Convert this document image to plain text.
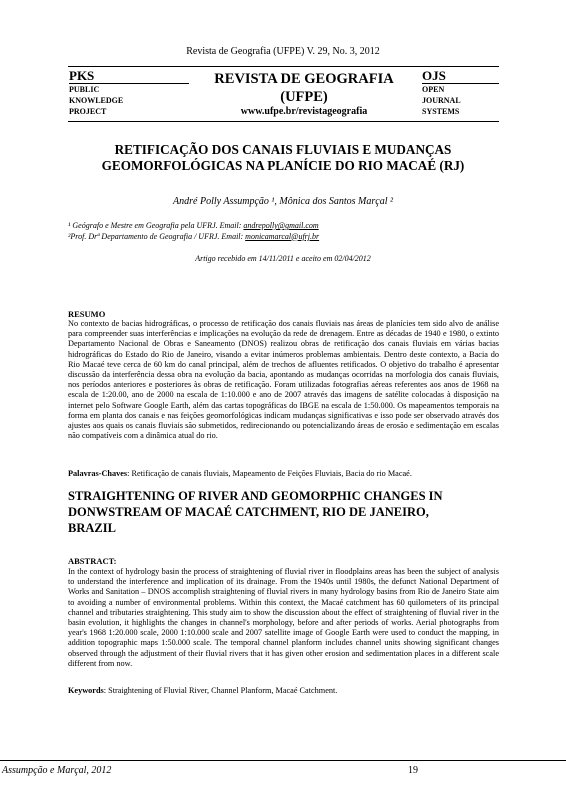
Revista de Geografia (UFPE) V. 29, No. 3, 2012
PKS
PUBLIC
KNOWLEDGE
PROJECT
REVISTA DE GEOGRAFIA
(UFPE)
www.ufpe.br/revistageografia
OJS
OPEN
JOURNAL
SYSTEMS
RETIFICAÇÃO DOS CANAIS FLUVIAIS E MUDANÇAS
GEOMORFOLÓGICAS NA PLANÍCIE DO RIO MACAÉ (RJ)
André Polly Assumpção ¹, Mônica dos Santos Marçal ²
¹ Geógrafo e Mestre em Geografia pela UFRJ. Email: andrepolly@gmail.com
²Prof. Drª Departamento de Geografia / UFRJ. Email: monicamarcal@ufrj.br
Artigo recebido em 14/11/2011 e aceito em 02/04/2012
RESUMO
No contexto de bacias hidrográficas, o processo de retificação dos canais fluviais nas áreas de planícies tem sido alvo de análise para compreender suas interferências e implicações na evolução da rede de drenagem. Entre as décadas de 1940 e 1980, o extinto Departamento Nacional de Obras e Saneamento (DNOS) realizou obras de retificação dos canais fluviais em várias bacias hidrográficas do Estado do Rio de Janeiro, visando a evitar inúmeros problemas ambientais. Dentro deste contexto, a Bacia do Rio Macaé teve cerca de 60 km do canal principal, além de trechos de afluentes retificados. O objetivo do trabalho é apresentar discussão da interferência dessa obra na evolução da bacia, apontando as mudanças ocorridas na morfologia dos canais fluviais, nos períodos anteriores e posteriores às obras de retificação. Foram utilizadas fotografias aéreas referentes aos anos de 1968 na escala de 1:20.00, ano de 2000 na escala de 1:10.000 e ano de 2007 através das imagens de satélite colocadas à disposição na internet pelo Software Google Earth, além das cartas topográficas do IBGE na escala de 1:50.000. Os mapeamentos temporais na forma em planta dos canais e nas feições geomorfológicas indicam mudanças significativas e isso pode ser observado através dos ajustes aos quais os canais fluviais são submetidos, redirecionando ou potencializando áreas de erosão e sedimentação em escalas não compatíveis com a dinâmica atual do rio.
Palavras-Chaves: Retificação de canais fluviais, Mapeamento de Feições Fluviais, Bacia do rio Macaé.
STRAIGHTENING OF RIVER AND GEOMORPHIC CHANGES IN
DONWSTREAM OF MACAÉ CATCHMENT, RIO DE JANEIRO,
BRAZIL
ABSTRACT:
In the context of hydrology basin the process of straightening of fluvial river in floodplains areas has been the subject of analysis to understand the interference and implication of its drainage. From the 1940s until 1980s, the defunct National Department of Works and Sanitation – DNOS accomplish straightening of fluvial rivers in many hydrology basins from Rio de Janeiro State aim to avoiding a number of environmental problems. Within this context, the Macaé catchment has 60 quilometers of its principal channel and tributaries straightening. This study aim to show the discussion about the effect of straightening of fluvial river in the basin evolution, it highlights the changes in channel's morphology, before and after periods of works. Aerial photographs from year's 1968 1:20.000 scale, 2000 1:10.000 scale and 2007 satellite image of Google Earth were used to conduct the mapping, in addition topographic maps 1:50.000 scale. The temporal channel planform includes channel units showing significant changes observed through the adjustment of their fluvial rivers that it has given other erosion and sedimentation places in a different scale different from now.
Keywords: Straightening of Fluvial River, Channel Planform, Macaé Catchment.
Assumpção e Marçal, 2012	19
